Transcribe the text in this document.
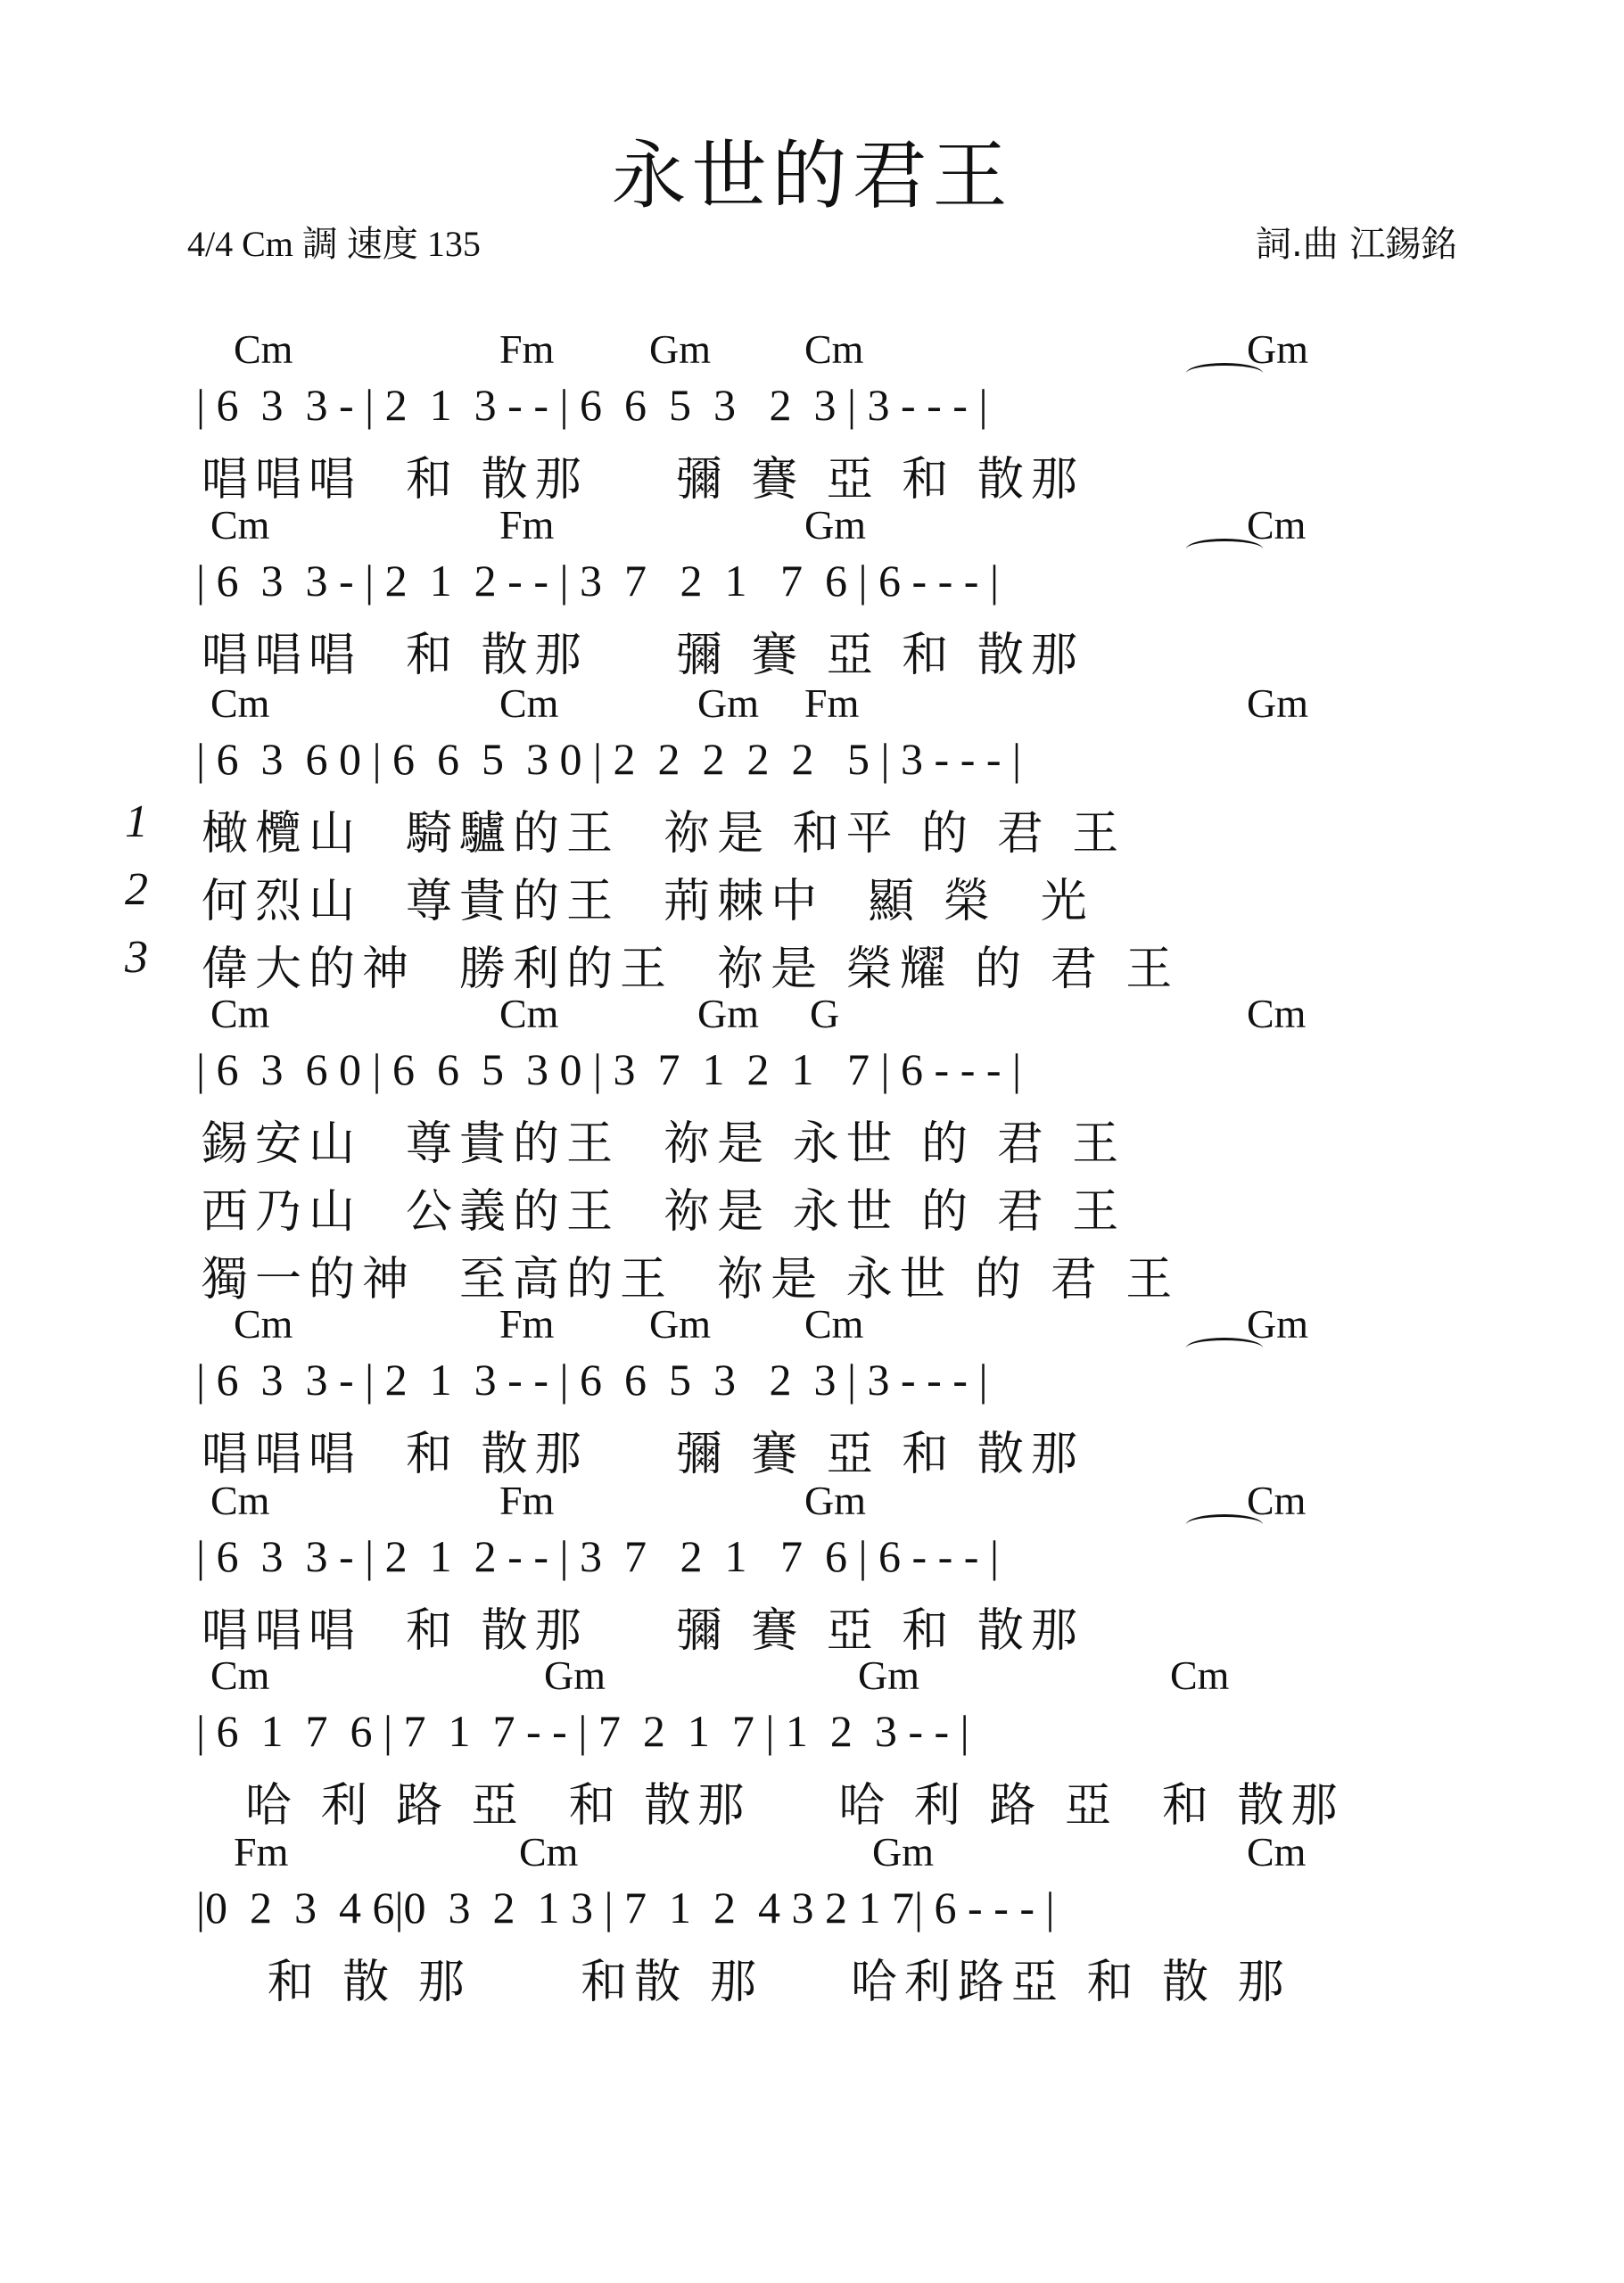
永世的君王
4/4 Cm 調 速度 135	詞.曲 江錫銘
Cm	Fm Gm Cm	Gm
| 6  3  3 - | 2  1  3 - - | 6  6  5  3   2  3 | 3 - - - |
唱唱唱  和 散那    彌 賽 亞 和 散那
Cm	Fm	Gm	Cm
| 6  3  3 - | 2  1  2 - - | 3  7   2  1   7  6 | 6 - - - |
唱唱唱  和 散那    彌 賽 亞 和 散那
Cm	Cm	Gm Fm	Gm
| 6  3  6 0 | 6  6  5  3 0 | 2  2  2  2  2   5 | 3 - - - |
1
2
3
橄欖山  騎驢的王  祢是 和平 的 君 王
何烈山  尊貴的王  荊棘中  顯 榮  光
偉大的神  勝利的王  祢是 榮耀 的 君 王
Cm	Cm	Gm G	Cm
| 6  3  6 0 | 6  6  5  3 0 | 3  7  1  2  1   7 | 6 - - - |
錫安山  尊貴的王  祢是 永世 的 君 王
西乃山  公義的王  祢是 永世 的 君 王
獨一的神  至高的王  祢是 永世 的 君 王
Cm	Fm Gm Cm	Gm
| 6  3  3 - | 2  1  3 - - | 6  6  5  3   2  3 | 3 - - - |
唱唱唱  和 散那    彌 賽 亞 和 散那
Cm	Fm	Gm	Cm
| 6  3  3 - | 2  1  2 - - | 3  7   2  1   7  6 | 6 - - - |
唱唱唱  和 散那    彌 賽 亞 和 散那
Cm	Gm	Gm	Cm
| 6  1  7  6 | 7  1  7 - - | 7  2  1  7 | 1  2  3 - - |
哈 利 路 亞  和 散那    哈 利 路 亞  和 散那
Fm	Cm	Gm	Cm
|0  2  3  4 6|0  3  2  1 3 | 7  1  2  4 3 2 1 7| 6 - - - |
和 散 那     和散 那    哈利路亞 和 散 那
